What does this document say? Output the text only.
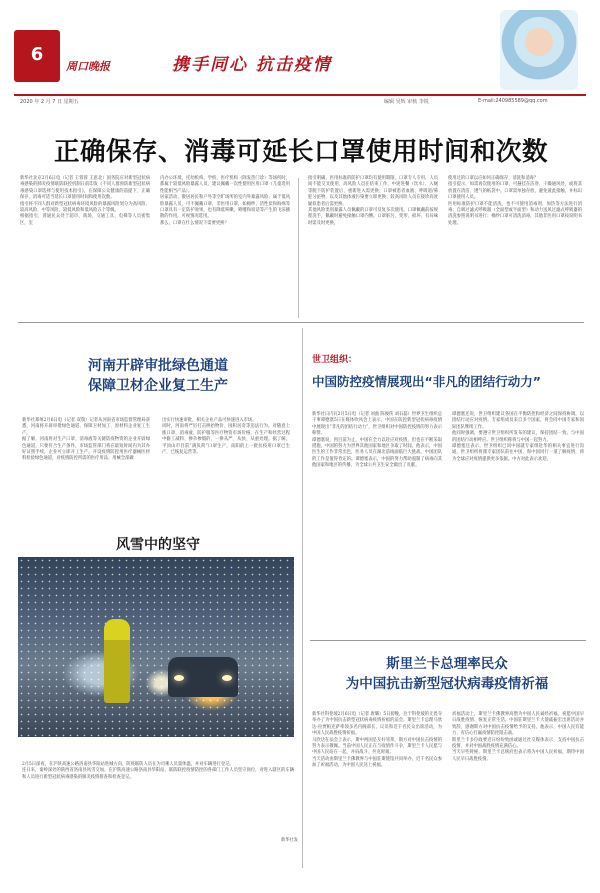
6
周口晚报	携手同心 抗击疫情
2020 年 2 月 7 日 星期五	编辑 吴辉 审核 李锐	E-mail:240985589@qq.com
正确保存、消毒可延长口罩使用时间和次数
新华社北京2月6日电（记者 王蓉蓉 王思北）国务院应对新型冠状病毒感染的肺炎疫情联防联控机制日前印发《不同人群预防新型冠状病毒感染口罩选择与使用技术指引》，在保障公众健康的前提下，正确保存、消毒可适当延长口罩使用时间和使用次数。
指引将不同人群对新型冠状病毒环境风险的暴露风险划分为高风险、较高风险、中等风险、较低风险和低风险五个等级。
根据指引，普通民众处于超市、商场、交通工具、电梯等人员密集区，室
内办公环境，托幼机构、学校、医疗机构（除发热门诊）等场所时，都属于较低风险暴露人员，建议佩戴一次性使用医用口罩（儿童选用性能相当产品）。
居家活动、散居居民和户外等空旷场所的室内外暴露风险，属于低风险暴露人员，可不佩戴口罩，非医用口罩，如棉纱、活性炭和海绵等口罩具有一定防护效果，也有降低咳嗽、喷嚏和说话等产生的飞沫播散的作用，可视情况选用。
那么，口罩在什么情况下需要更换？
指引明确，医用标准的防护口罩均有使用期限，口罩专人专用，人员间不能交叉使用，高风险人员在结束工作、中途进餐（饮水）、入厕等脱下防护装置后，重新进入需更换；口罩被患者血液、呼吸道/鼻腔分泌物，以及其他体液污染要立即更换；较高风险人员在接诊高度疑似患者后需更换。
其他风险类别暴露人员佩戴的口罩可反复多次使用。口罩佩戴前按规程洗手，佩戴时避免接触口罩内侧。口罩脏污、变形、损坏、有异味时需及时更换。
使用过的口罩以应如何正确保存、清洗和消毒？
指引提示，如需再次使用的口罩，可悬挂在洁净、干燥通风处，或将其放置在清洁、透气的纸袋中。口罩需单独存放，避免彼此接触，并标识口罩使用人员。
医用标准防护口罩不能清洗，也不可使用消毒剂、加热等方法进行消毒；自吸过滤式呼吸器（全面型或半面型）和动力送风过滤式呼吸器的清洗参照说明书进行；棉纱口罩可清洗消毒，其他非医用口罩按说明书处理。
河南开辟审批绿色通道
保障卫材企业复工生产
新华社郑州2月6日电（记者 双瑞）记者从河南省市场监督管理局获悉，河南将开辟审批绿色通道，保障卫材加工、原材料企业复工生产。
据了解，河南将对生产口罩、消毒液等关键防疫物资的企业开辟绿色通道，只要符合生产条件，市场监管部门将在最短时间内为其办好证照手续，企业可立即开工生产。开设疫情防控用医疗器械医材料检验绿色通道，对疫情防控所需的医疗用品、用械全部做
出实行快速审批，相关企业产品可快速进入市场。
同时，河南将严厉打击哄抬物价、囤积居奇等违法行为。对随意上涨口罩、消毒液、防护服等医疗物资市场价格，在生产和经营过程中偷工减料、掺杂掺假的，一律从严、从快、从重处理。据了解，平顶山市目前“满负荷”口罩生产，南阳的上一批抗疫用口罩已生产，已恢复运营等。
风雪中的坚守
2月5日深夜，在沪陕高速公路洛南县华阳站进城方向，防疫联防人员在为司乘人员量体温，并对车辆进行登记。
连日来，秦岭深处的陕西省洛南县风雪交加。在沪陕高速公路洛南县华阳站，联防联控疫情防控的各部门工作人员坚守岗位，对进入辖区的车辆和人员进行新型冠状病毒感染的肺炎疫情排查和检查登记。
新华社发
世卫组织：
中国防控疫情展现出“非凡的团结行动力”
新华社日内瓦2月5日电（记者 刘曲 陈俊侠 刘石磊）世界卫生组织总干事谭德塞5日在媒体吹风会上表示，中国在防控新型冠状病毒疫情中展现出“非凡的团结行动力”，世卫组织对中国防控疫情的努力表示称赞。
谭德塞说，到目前为止，中国在全力以赴应对疫情，但也在不断采取措施，中国的努力为世界其他国家和地区争取了时间。他表示，中国医生的工作非常出色，医务人员在湖北前线面临巨大挑战，中国团队的工作是值得肯定的。谭德塞表示，中国的努力帮助遏制了病毒向其他国家和地区的传播，为全球公共卫生安全做出了贡献。
谭德塞还说，世卫组织建议各国在平衡防控和经济之间保持协调，以团结行动应对疫情。专家组成员来自多个国家，将会同中国专家和国际团队继续工作。
他同时强调，要遵守世卫组织所发布的建议，保持团结一致，与中国的团结行动相呼应。世卫组织称将与中国一起努力。
谭德塞还表示，世卫组织已同中国就专家组赴华的相关事宜进行沟通，世卫组织将派专家团队前往中国，和中国同行一道了解疫情，将为全球应对疫情提供更多依据。中方对此表示欢迎。
斯里兰卡总理率民众
为中国抗击新型冠状病毒疫情祈福
新华社科伦坡2月6日电（记者 唐璐）5日傍晚，位于科伦坡的无畏寺举办了为中国抗击新型冠状病毒疫情祈福的法会。斯里兰卡总理马欣达·拉贾帕克萨率领多名内阁部长、议员和近千名民众出席活动，为中国人民战胜疫情祈福。
马欣达在法会上表示，斯中两国是友好邻邦，斯方对中国抗击疫情的努力表示敬佩。当前中国人民正在与疫情作斗争，斯里兰卡人民愿与中国人民站在一起，并肩战斗、共克时艰。
当天活动由斯里兰卡佛教界与中国驻斯使馆共同举办，近千名民众参加了祈福活动，为中国人民送上祝福。
祈福活动上，斯里兰卡佛教界高僧为中国人民诵经祈福，祝愿中国早日战胜疫情、恢复正常生活。中国驻斯里兰卡大使戚振宏出席活动并致辞，感谢斯方对中国抗击疫情给予的支持。他表示，中国人民有能力、有信心打赢疫情防控阻击战。
斯里兰卡多位政要近日纷纷致函或通过社交媒体表示，支持中国抗击疫情，并对中国战胜疫情充满信心。
当天早些时候，斯里兰卡总统府也表示将为中国人民祈福，期待中国人民早日战胜疫情。
